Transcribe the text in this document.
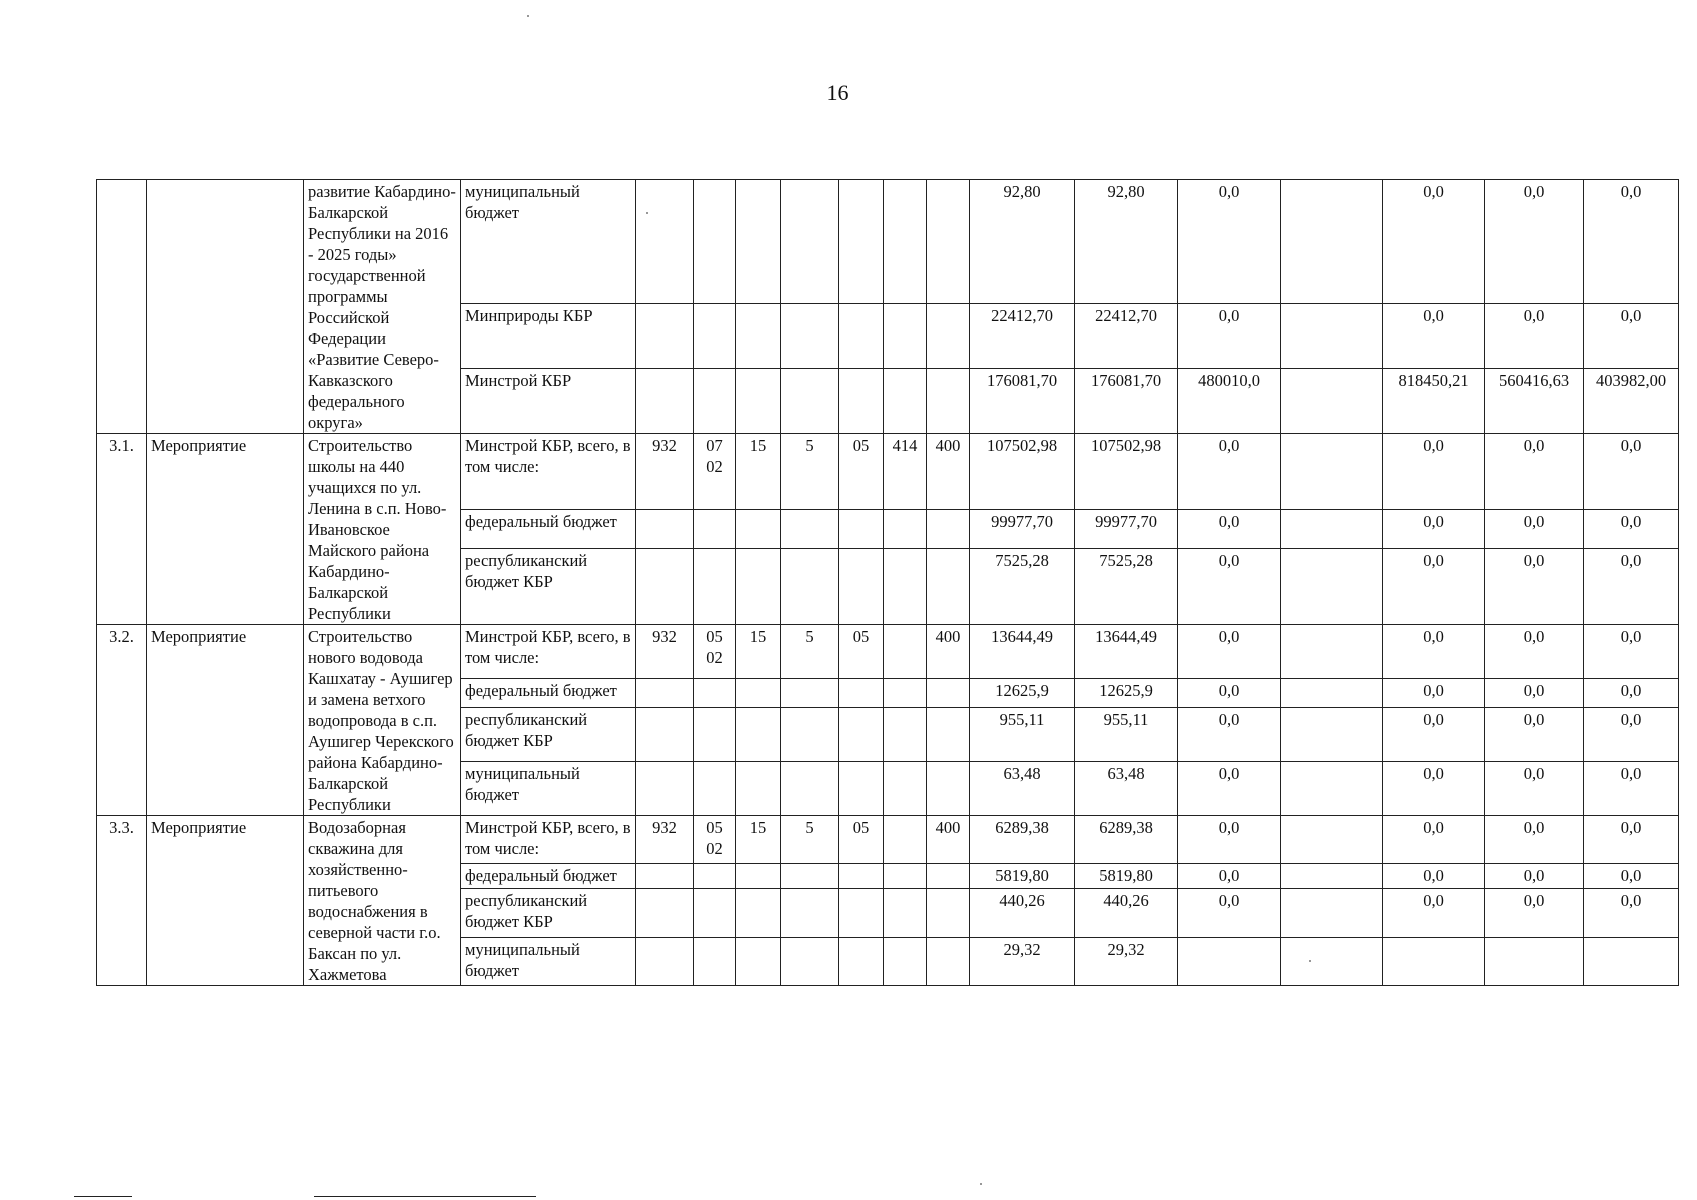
16
		развитие Кабардино-Балкарской Республики на 2016 - 2025 годы» государственной программы Российской Федерации «Развитие Северо-Кавказского федерального округа»	муниципальный бюджет								92,80	92,80	0,0		0,0	0,0	0,0
			Минприроды КБР								22412,70	22412,70	0,0		0,0	0,0	0,0
			Минстрой КБР								176081,70	176081,70	480010,0		818450,21	560416,63	403982,00
3.1.	Мероприятие	Строительство школы на 440 учащихся по ул. Ленина в с.п. Ново-Ивановское Майского района Кабардино-Балкарской Республики	Минстрой КБР, всего, в том числе:	932	07 02	15	5	05	414	400	107502,98	107502,98	0,0		0,0	0,0	0,0
			федеральный бюджет								99977,70	99977,70	0,0		0,0	0,0	0,0
			республиканский бюджет КБР								7525,28	7525,28	0,0		0,0	0,0	0,0
3.2.	Мероприятие	Строительство нового водовода Кашхатау - Аушигер и замена ветхого водопровода в с.п. Аушигер Черекского района Кабардино-Балкарской Республики	Минстрой КБР, всего, в том числе:	932	05 02	15	5	05		400	13644,49	13644,49	0,0		0,0	0,0	0,0
			федеральный бюджет								12625,9	12625,9	0,0		0,0	0,0	0,0
			республиканский бюджет КБР								955,11	955,11	0,0		0,0	0,0	0,0
			муниципальный бюджет								63,48	63,48	0,0		0,0	0,0	0,0
3.3.	Мероприятие	Водозаборная скважина для хозяйственно-питьевого водоснабжения в северной части г.о. Баксан по ул. Хажметова	Минстрой КБР, всего, в том числе:	932	05 02	15	5	05		400	6289,38	6289,38	0,0		0,0	0,0	0,0
			федеральный бюджет								5819,80	5819,80	0,0		0,0	0,0	0,0
			республиканский бюджет КБР								440,26	440,26	0,0		0,0	0,0	0,0
			муниципальный бюджет								29,32	29,32					
